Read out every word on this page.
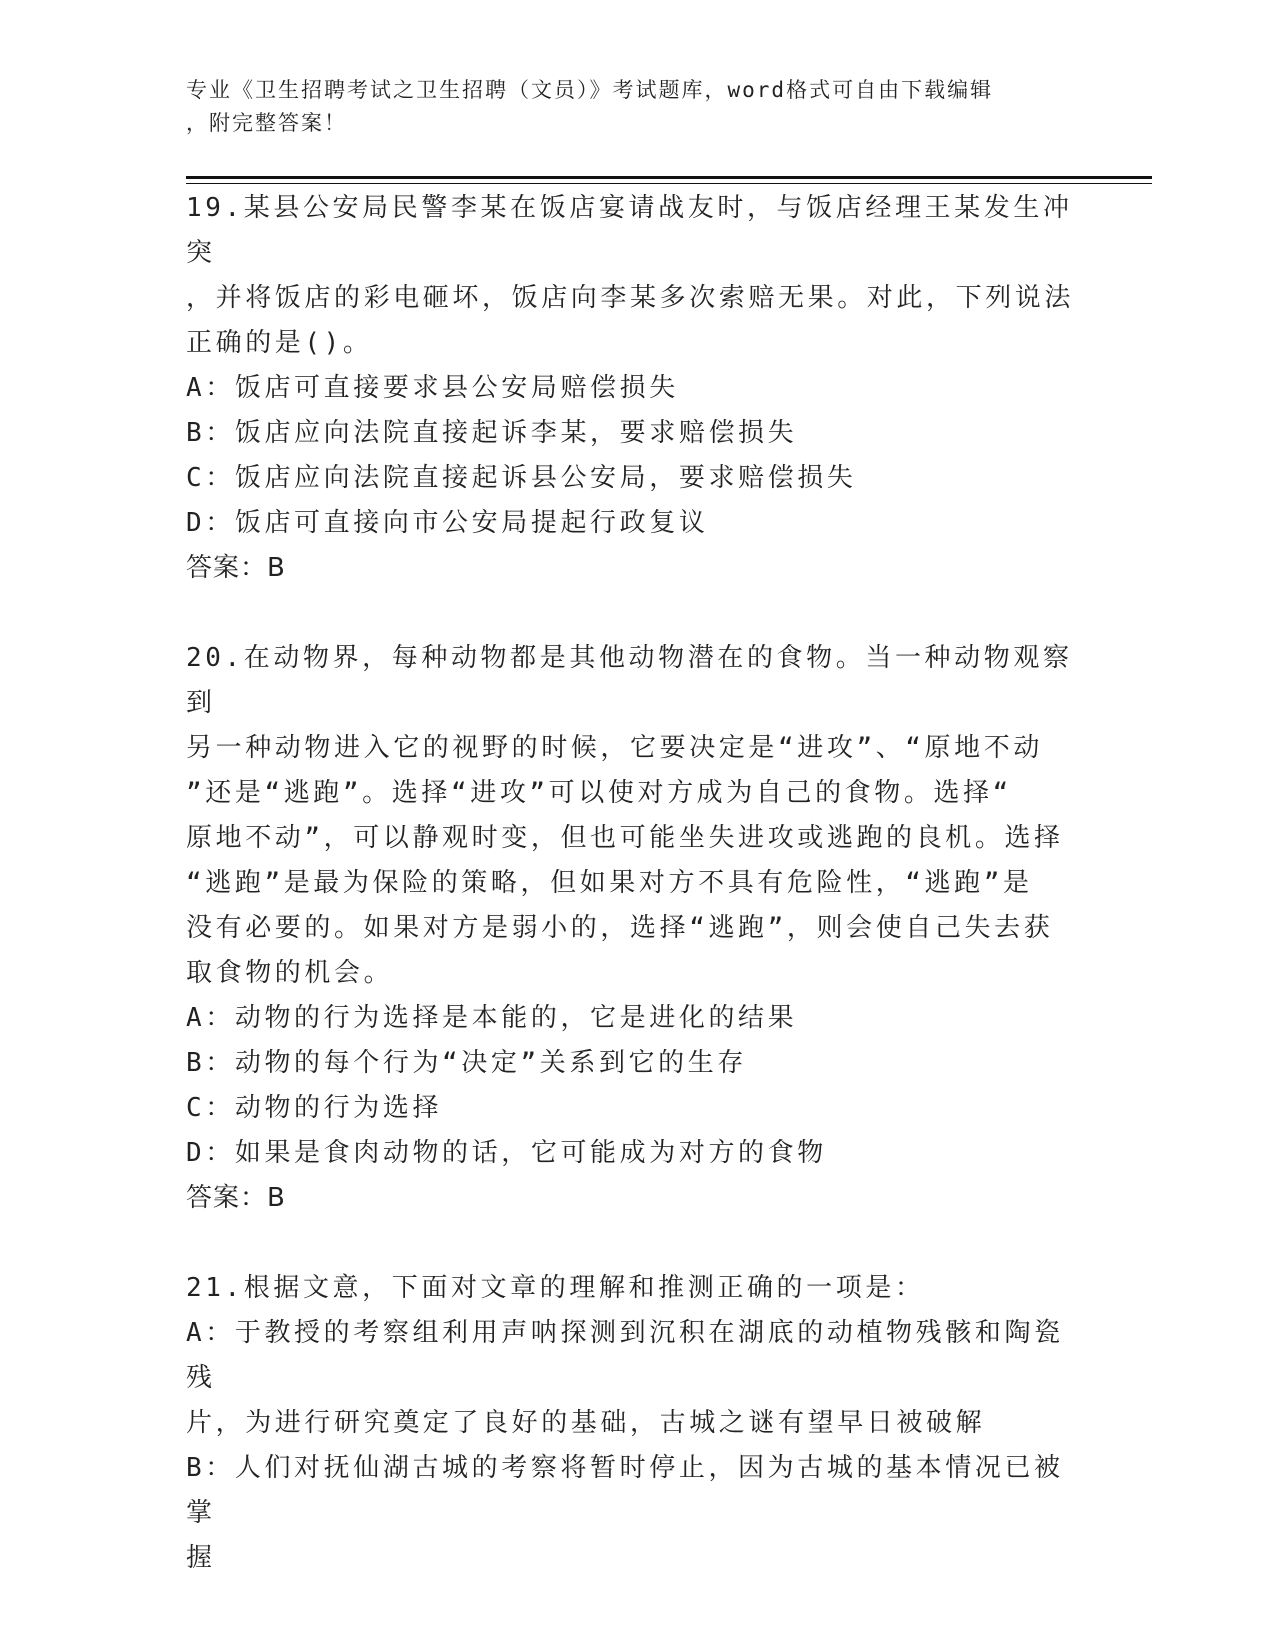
专业《卫生招聘考试之卫生招聘（文员）》考试题库，word格式可自由下载编辑
，附完整答案！
19.某县公安局民警李某在饭店宴请战友时，与饭店经理王某发生冲突
，并将饭店的彩电砸坏，饭店向李某多次索赔无果。对此，下列说法
正确的是()。
A：饭店可直接要求县公安局赔偿损失
B：饭店应向法院直接起诉李某，要求赔偿损失
C：饭店应向法院直接起诉县公安局，要求赔偿损失
D：饭店可直接向市公安局提起行政复议
答案：B
20.在动物界，每种动物都是其他动物潜在的食物。当一种动物观察到
另一种动物进入它的视野的时候，它要决定是“进攻”、“原地不动
”还是“逃跑”。选择“进攻”可以使对方成为自己的食物。选择“
原地不动”，可以静观时变，但也可能坐失进攻或逃跑的良机。选择
“逃跑”是最为保险的策略，但如果对方不具有危险性，“逃跑”是
没有必要的。如果对方是弱小的，选择“逃跑”，则会使自己失去获
取食物的机会。
A：动物的行为选择是本能的，它是进化的结果
B：动物的每个行为“决定”关系到它的生存
C：动物的行为选择
D：如果是食肉动物的话，它可能成为对方的食物
答案：B
21.根据文意，下面对文章的理解和推测正确的一项是：
A：于教授的考察组利用声呐探测到沉积在湖底的动植物残骸和陶瓷残
片，为进行研究奠定了良好的基础，古城之谜有望早日被破解
B：人们对抚仙湖古城的考察将暂时停止，因为古城的基本情况已被掌
握
